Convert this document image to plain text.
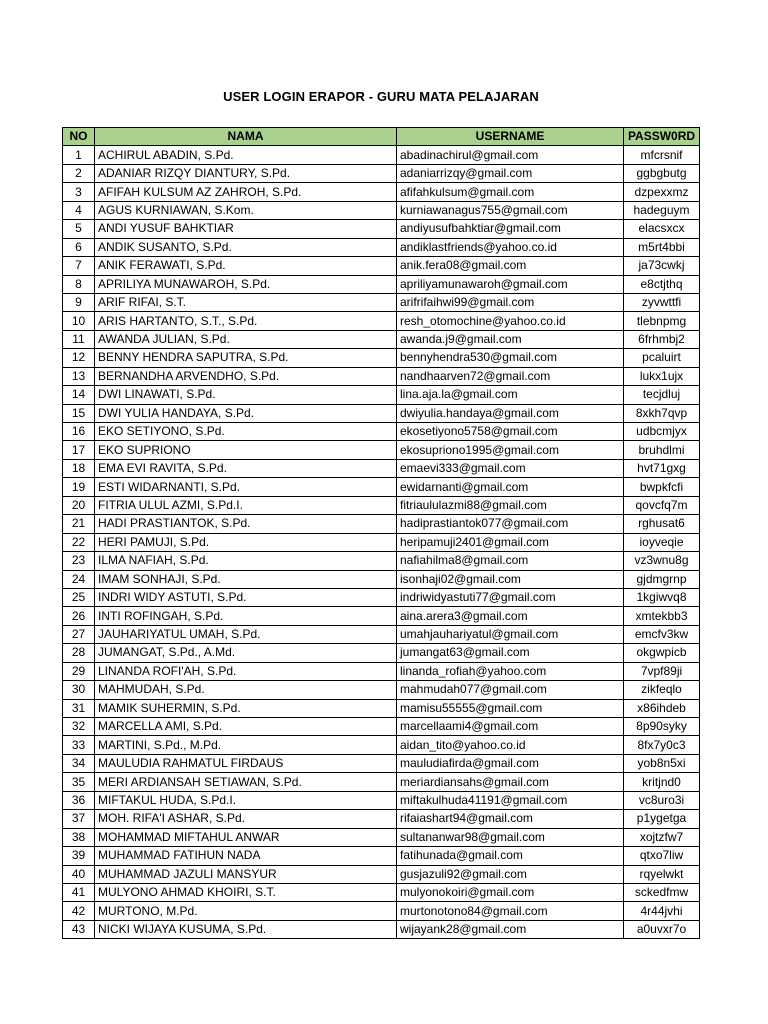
USER LOGIN ERAPOR - GURU MATA PELAJARAN
NO	NAMA	USERNAME	PASSW0RD
1	ACHIRUL ABADIN, S.Pd.	abadinachirul@gmail.com	mfcrsnif
2	ADANIAR RIZQY DIANTURY, S.Pd.	adaniarrizqy@gmail.com	ggbgbutg
3	AFIFAH KULSUM AZ ZAHROH, S.Pd.	afifahkulsum@gmail.com	dzpexxmz
4	AGUS KURNIAWAN, S.Kom.	kurniawanagus755@gmail.com	hadeguym
5	ANDI YUSUF BAHKTIAR	andiyusufbahktiar@gmail.com	elacsxcx
6	ANDIK SUSANTO, S.Pd.	andiklastfriends@yahoo.co.id	m5rt4bbi
7	ANIK FERAWATI, S.Pd.	anik.fera08@gmail.com	ja73cwkj
8	APRILIYA MUNAWAROH, S.Pd.	apriliyamunawaroh@gmail.com	e8ctjthq
9	ARIF RIFAI, S.T.	arifrifaihwi99@gmail.com	zyvwttfi
10	ARIS HARTANTO, S.T., S.Pd.	resh_otomochine@yahoo.co.id	tlebnpmg
11	AWANDA JULIAN, S.Pd.	awanda.j9@gmail.com	6frhmbj2
12	BENNY HENDRA SAPUTRA, S.Pd.	bennyhendra530@gmail.com	pcaluirt
13	BERNANDHA ARVENDHO, S.Pd.	nandhaarven72@gmail.com	lukx1ujx
14	DWI LINAWATI, S.Pd.	lina.aja.la@gmail.com	tecjdluj
15	DWI YULIA HANDAYA, S.Pd.	dwiyulia.handaya@gmail.com	8xkh7qvp
16	EKO SETIYONO, S.Pd.	ekosetiyono5758@gmail.com	udbcmjyx
17	EKO SUPRIONO	ekosupriono1995@gmail.com	bruhdlmi
18	EMA EVI RAVITA, S.Pd.	emaevi333@gmail.com	hvt71gxg
19	ESTI WIDARNANTI, S.Pd.	ewidarnanti@gmail.com	bwpkfcfi
20	FITRIA ULUL AZMI, S.Pd.I.	fitriaululazmi88@gmail.com	qovcfq7m
21	HADI PRASTIANTOK, S.Pd.	hadiprastiantok077@gmail.com	rghusat6
22	HERI PAMUJI, S.Pd.	heripamuji2401@gmail.com	ioyveqie
23	ILMA NAFIAH, S.Pd.	nafiahilma8@gmail.com	vz3wnu8g
24	IMAM SONHAJI, S.Pd.	isonhaji02@gmail.com	gjdmgrnp
25	INDRI WIDY ASTUTI, S.Pd.	indriwidyastuti77@gmail.com	1kgiwvq8
26	INTI ROFINGAH, S.Pd.	aina.arera3@gmail.com	xmtekbb3
27	JAUHARIYATUL UMAH, S.Pd.	umahjauhariyatul@gmail.com	emcfv3kw
28	JUMANGAT, S.Pd., A.Md.	jumangat63@gmail.com	okgwpicb
29	LINANDA ROFI'AH, S.Pd.	linanda_rofiah@yahoo.com	7vpf89ji
30	MAHMUDAH, S.Pd.	mahmudah077@gmail.com	zikfeqlo
31	MAMIK SUHERMIN, S.Pd.	mamisu55555@gmail.com	x86ihdeb
32	MARCELLA AMI, S.Pd.	marcellaami4@gmail.com	8p90syky
33	MARTINI, S.Pd., M.Pd.	aidan_tito@yahoo.co.id	8fx7y0c3
34	MAULUDIA RAHMATUL FIRDAUS	mauludiafirda@gmail.com	yob8n5xi
35	MERI ARDIANSAH SETIAWAN, S.Pd.	meriardiansahs@gmail.com	kritjnd0
36	MIFTAKUL HUDA, S.Pd.I.	miftakulhuda41191@gmail.com	vc8uro3i
37	MOH. RIFA'I ASHAR, S.Pd.	rifaiashart94@gmail.com	p1ygetga
38	MOHAMMAD MIFTAHUL ANWAR	sultananwar98@gmail.com	xojtzfw7
39	MUHAMMAD FATIHUN NADA	fatihunada@gmail.com	qtxo7liw
40	MUHAMMAD JAZULI MANSYUR	gusjazuli92@gmail.com	rqyelwkt
41	MULYONO AHMAD KHOIRI, S.T.	mulyonokoiri@gmail.com	sckedfmw
42	MURTONO, M.Pd.	murtonotono84@gmail.com	4r44jvhi
43	NICKI WIJAYA KUSUMA, S.Pd.	wijayank28@gmail.com	a0uvxr7o
